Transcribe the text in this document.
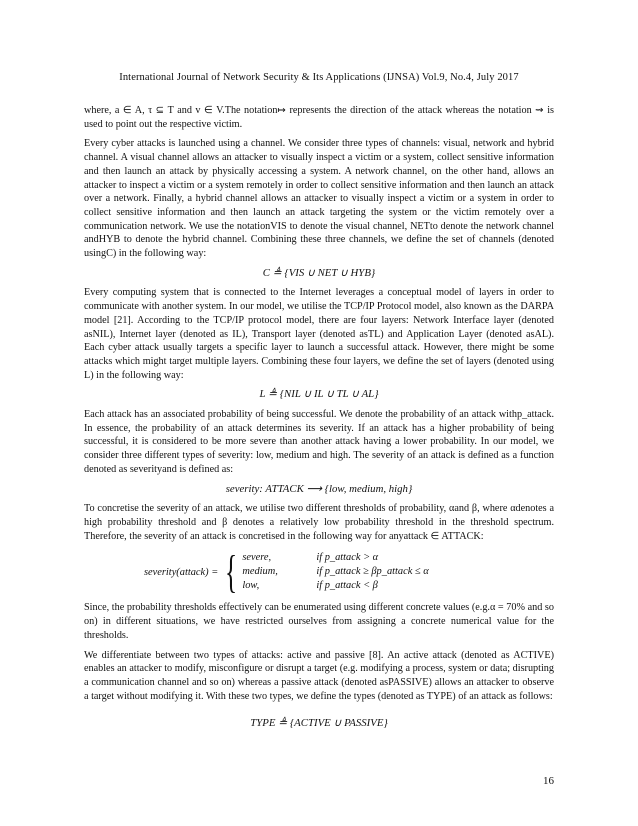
International Journal of Network Security & Its Applications (IJNSA) Vol.9, No.4, July 2017

where, a ∈ A, τ ⊆ T and v ∈ V.The notation↦ represents the direction of the attack whereas the notation ⇝ is used to point out the respective victim.

Every cyber attacks is launched using a channel. We consider three types of channels: visual, network and hybrid channel. A visual channel allows an attacker to visually inspect a victim or a system, collect sensitive information and then launch an attack by physically accessing a system. A network channel, on the other hand, allows an attacker to inspect a victim or a system remotely in order to collect sensitive information and then launch an attack over a network. Finally, a hybrid channel allows an attacker to visually inspect a victim or a system in order to collect sensitive information and then launch an attack targeting the system or the victim remotely over a communication network. We use the notationVIS to denote the visual channel, NETto denote the network channel andHYB to denote the hybrid channel. Combining these three channels, we define the set of channels (denoted usingC) in the following way:

C ≜ {VIS ∪ NET ∪ HYB}

Every computing system that is connected to the Internet leverages a conceptual model of layers in order to communicate with another system. In our model, we utilise the TCP/IP Protocol model, also known as the DARPA model [21]. According to the TCP/IP protocol model, there are four layers: Network Interface layer (denoted asNIL), Internet layer (denoted as IL), Transport layer (denoted asTL) and Application Layer (denoted asAL). Each cyber attack usually targets a specific layer to launch a successful attack. However, there might be some attacks which might target multiple layers. Combining these four layers, we define the set of layers (denoted using L) in the following way:

L ≜ {NIL ∪ IL ∪ TL ∪ AL}

Each attack has an associated probability of being successful. We denote the probability of an attack withp_attack. In essence, the probability of an attack determines its severity. If an attack has a higher probability of being successful, it is considered to be more severe than another attack having a lower probability. In our model, we consider three different types of severity: low, medium and high. The severity of an attack is defined as a function denoted as severityand is defined as:

severity: ATTACK ⟶ {low, medium, high}

To concretise the severity of an attack, we utilise two different thresholds of probability, αand β, where αdenotes a high probability threshold and β denotes a relatively low probability threshold in the threshold spectrum. Therefore, the severity of an attack is concretised in the following way for anyattack ∈ ATTACK:

severity(attack) = { severe,	if p_attack > α
medium,	if p_attack ≥ βp_attack ≤ α
low,	if p_attack < β

Since, the probability thresholds effectively can be enumerated using different concrete values (e.g.α = 70% and so on) in different situations, we have restricted ourselves from assigning a concrete numerical value for the thresholds.

We differentiate between two types of attacks: active and passive [8]. An active attack (denoted as ACTIVE) enables an attacker to modify, misconfigure or disrupt a target (e.g. modifying a process, system or data; disrupting a communication channel and so on) whereas a passive attack (denoted asPASSIVE) allows an attacker to observe a target without modifying it. With these two types, we define the types (denoted as TYPE) of an attack as follows:

TYPE ≜ {ACTIVE ∪ PASSIVE}
16
